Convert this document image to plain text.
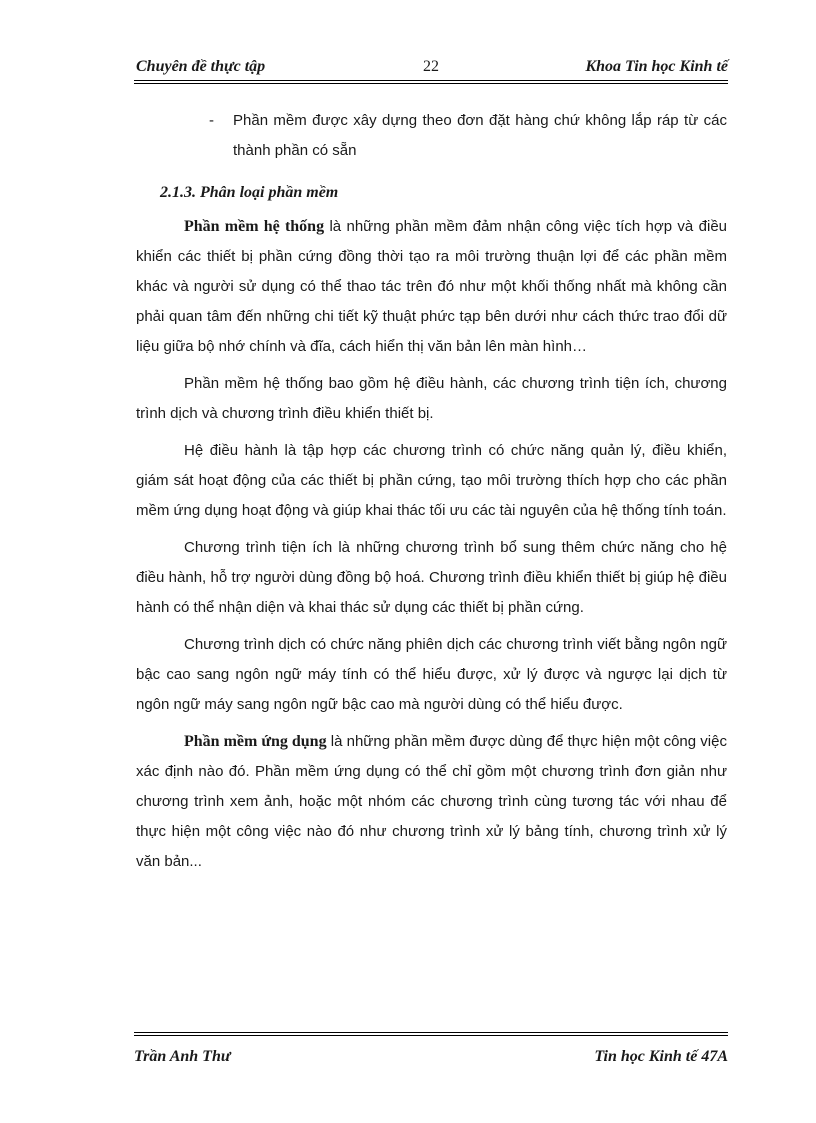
Chuyên đề thực tập	22	Khoa Tin học Kinh tế
- Phần mềm được xây dựng theo đơn đặt hàng chứ không lắp ráp từ các thành phần có sẵn
2.1.3. Phân loại phần mềm

Phần mềm hệ thống là những phần mềm đảm nhận công việc tích hợp và điều khiển các thiết bị phần cứng đồng thời tạo ra môi trường thuận lợi để các phần mềm khác và người sử dụng có thể thao tác trên đó như một khối thống nhất mà không cần phải quan tâm đến những chi tiết kỹ thuật phức tạp bên dưới như cách thức trao đổi dữ liệu giữa bộ nhớ chính và đĩa, cách hiển thị văn bản lên màn hình…

Phần mềm hệ thống bao gồm hệ điều hành, các chương trình tiện ích, chương trình dịch và chương trình điều khiển thiết bị.

Hệ điều hành là tập hợp các chương trình có chức năng quản lý, điều khiển, giám sát hoạt động của các thiết bị phần cứng, tạo môi trường thích hợp cho các phần mềm ứng dụng hoạt động và giúp khai thác tối ưu các tài nguyên của hệ thống tính toán.

Chương trình tiện ích là những chương trình bổ sung thêm chức năng cho hệ điều hành, hỗ trợ người dùng đồng bộ hoá. Chương trình điều khiển thiết bị giúp hệ điều hành có thể nhận diện và khai thác sử dụng các thiết bị phần cứng.

Chương trình dịch có chức năng phiên dịch các chương trình viết bằng ngôn ngữ bậc cao sang ngôn ngữ máy tính có thể hiểu được, xử lý được và ngược lại dịch từ ngôn ngữ máy sang ngôn ngữ bậc cao mà người dùng có thể hiểu được.

Phần mềm ứng dụng là những phần mềm được dùng để thực hiện một công việc xác định nào đó. Phần mềm ứng dụng có thể chỉ gồm một chương trình đơn giản như chương trình xem ảnh, hoặc một nhóm các chương trình cùng tương tác với nhau để thực hiện một công việc nào đó như chương trình xử lý bảng tính, chương trình xử lý văn bản...

Trần Anh Thư	Tin học Kinh tế 47A
